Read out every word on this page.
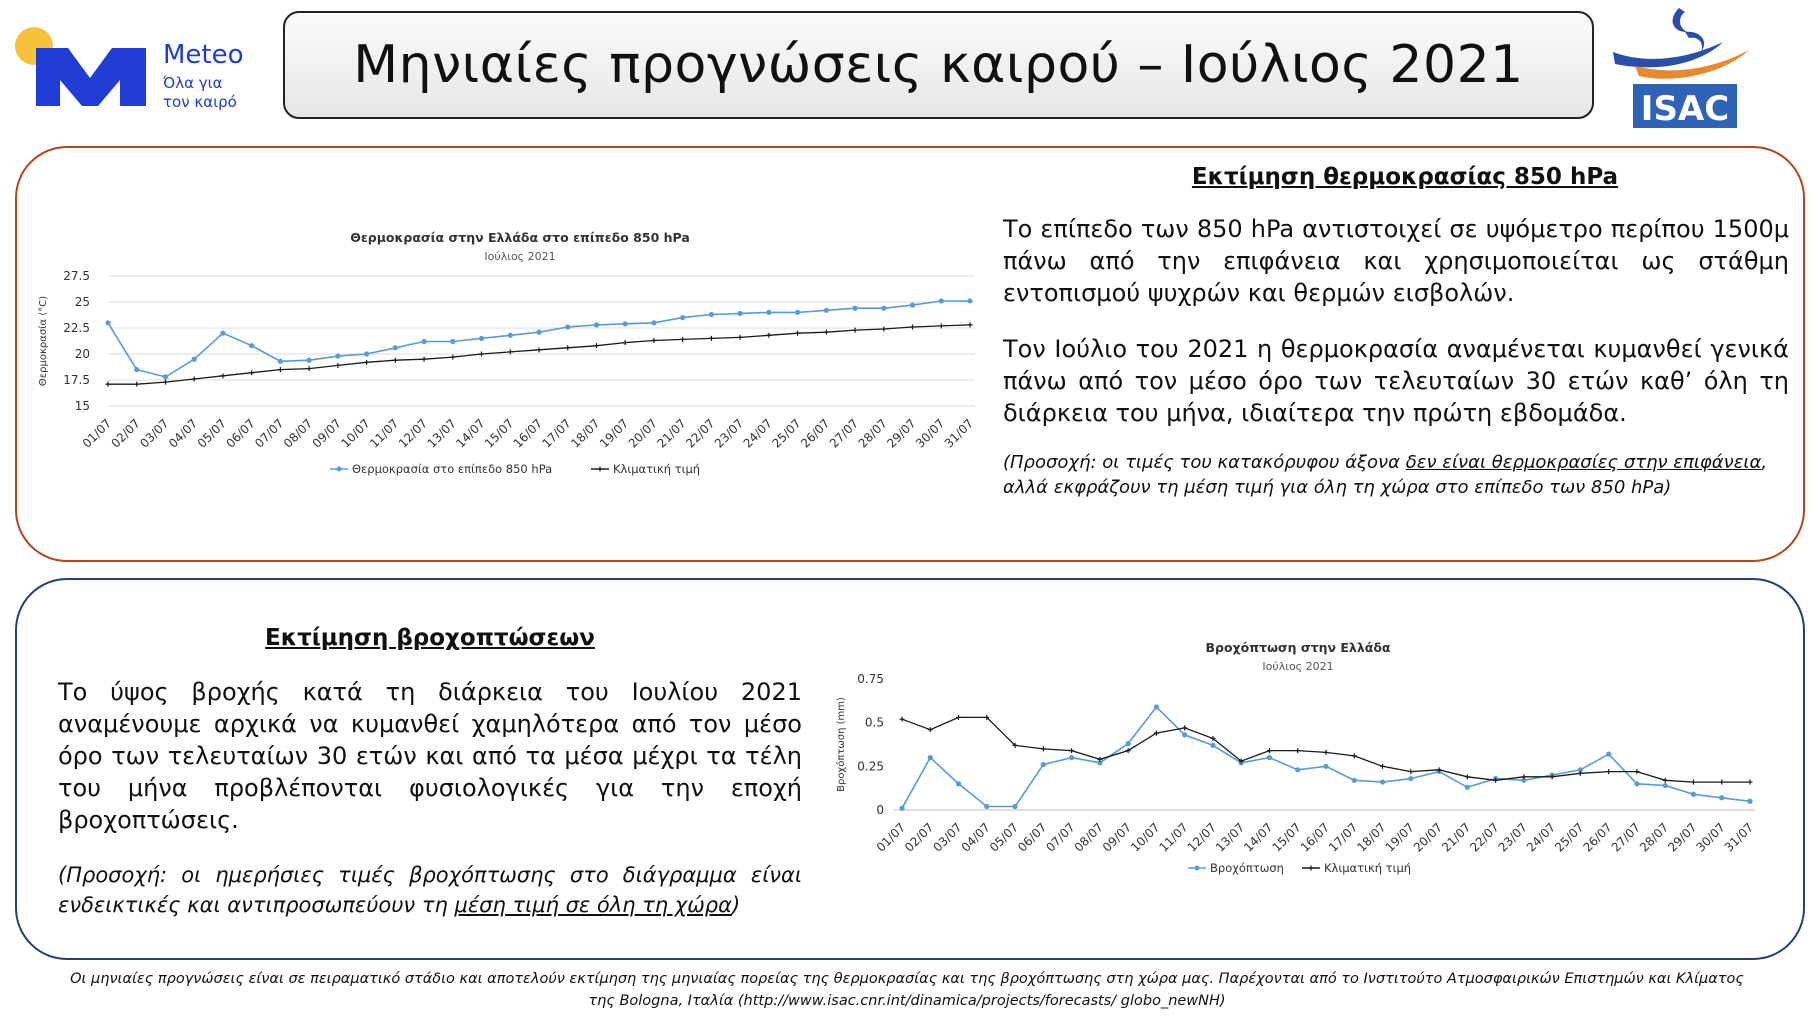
Meteo
Όλα για
τον καιρό
Μηνιαίες προγνώσεις καιρού – Ιούλιος 2021
ISAC
Θερμοκρασία στην Ελλάδα στο επίπεδο 850 hPa
Ιούλιος 2021
15
17.5
20
22.5
25
27.5
Θερμοκρασία (°C)
01/07
02/07
03/07
04/07
05/07
06/07
07/07
08/07
09/07
10/07
11/07
12/07
13/07
14/07
15/07
16/07
17/07
18/07
19/07
20/07
21/07
22/07
23/07
24/07
25/07
26/07
27/07
28/07
29/07
30/07
31/07
Θερμοκρασία στο επίπεδο 850 hPa	Κλιματική τιμή
Εκτίμηση θερμοκρασίας 850 hPa
Το επίπεδο των 850 hPa αντιστοιχεί σε υψόμετρο περίπου 1500μ πάνω από την επιφάνεια και χρησιμοποιείται ως στάθμη εντοπισμού ψυχρών και θερμών εισβολών.
Τον Ιούλιο του 2021 η θερμοκρασία αναμένεται κυμανθεί γενικά πάνω από τον μέσο όρο των τελευταίων 30 ετών καθ’ όλη τη διάρκεια του μήνα, ιδιαίτερα την πρώτη εβδομάδα.
(Προσοχή: οι τιμές του κατακόρυφου άξονα δεν είναι θερμοκρασίες στην επιφάνεια,
αλλά εκφράζουν τη μέση τιμή για όλη τη χώρα στο επίπεδο των 850 hPa)
Εκτίμηση βροχοπτώσεων
Το ύψος βροχής κατά τη διάρκεια του Ιουλίου 2021 αναμένουμε αρχικά να κυμανθεί χαμηλότερα από τον μέσο όρο των τελευταίων 30 ετών και από τα μέσα μέχρι τα τέλη του μήνα προβλέπονται φυσιολογικές για την εποχή βροχοπτώσεις.
(Προσοχή: οι ημερήσιες τιμές βροχόπτωσης στο διάγραμμα είναι ενδεικτικές και αντιπροσωπεύουν τη μέση τιμή σε όλη τη χώρα)
Βροχόπτωση στην Ελλάδα
Ιούλιος 2021
0
0.25
0.5
0.75
Βροχόπτωση (mm)
01/07
02/07
03/07
04/07
05/07
06/07
07/07
08/07
09/07
10/07
11/07
12/07
13/07
14/07
15/07
16/07
17/07
18/07
19/07
20/07
21/07
22/07
23/07
24/07
25/07
26/07
27/07
28/07
29/07
30/07
31/07
Βροχόπτωση	Κλιματική τιμή
Οι μηνιαίες προγνώσεις είναι σε πειραματικό στάδιο και αποτελούν εκτίμηση της μηνιαίας πορείας της θερμοκρασίας και της βροχόπτωσης στη χώρα μας. Παρέχονται από το Ινστιτούτο Ατμοσφαιρικών Επιστημών και Κλίματος
της Bologna, Ιταλία (http://www.isac.cnr.int/dinamica/projects/forecasts/ globo_newNH)
